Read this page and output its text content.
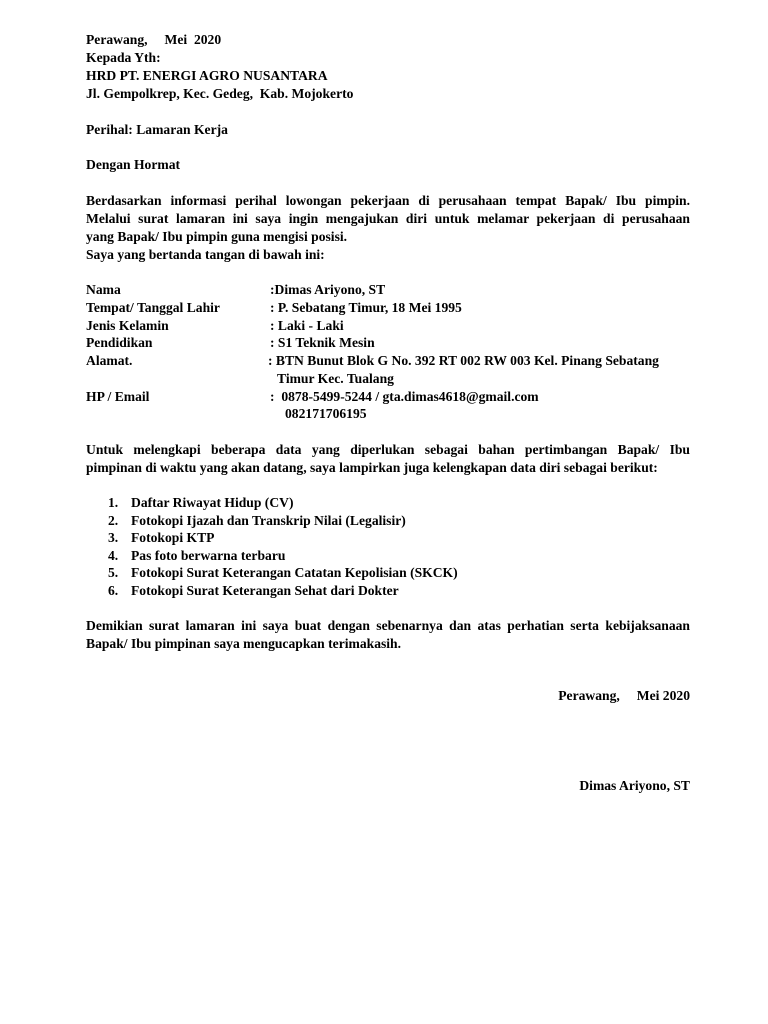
Perawang,     Mei  2020
Kepada Yth:
HRD PT. ENERGI AGRO NUSANTARA
Jl. Gempolkrep, Kec. Gedeg,  Kab. Mojokerto
Perihal: Lamaran Kerja
Dengan Hormat
Berdasarkan informasi perihal lowongan pekerjaan di perusahaan tempat Bapak/ Ibu pimpin.
Melalui surat lamaran ini saya ingin mengajukan diri untuk melamar pekerjaan di perusahaan
yang Bapak/ Ibu pimpin guna mengisi posisi.
Saya yang bertanda tangan di bawah ini:
Nama	:Dimas Ariyono, ST
Tempat/ Tanggal Lahir	: P. Sebatang Timur, 18 Mei 1995
Jenis Kelamin	: Laki - Laki
Pendidikan	: S1 Teknik Mesin
Alamat.	: BTN Bunut Blok G No. 392 RT 002 RW 003 Kel. Pinang Sebatang
Timur Kec. Tualang
HP / Email	:  0878-5499-5244 / gta.dimas4618@gmail.com
082171706195
Untuk melengkapi beberapa data yang diperlukan sebagai bahan pertimbangan Bapak/ Ibu
pimpinan di waktu yang akan datang, saya lampirkan juga kelengkapan data diri sebagai berikut:
1. Daftar Riwayat Hidup (CV)
2. Fotokopi Ijazah dan Transkrip Nilai (Legalisir)
3. Fotokopi KTP
4. Pas foto berwarna terbaru
5. Fotokopi Surat Keterangan Catatan Kepolisian (SKCK)
6. Fotokopi Surat Keterangan Sehat dari Dokter
Demikian surat lamaran ini saya buat dengan sebenarnya dan atas perhatian serta kebijaksanaan
Bapak/ Ibu pimpinan saya mengucapkan terimakasih.
Perawang,     Mei 2020
Dimas Ariyono, ST
